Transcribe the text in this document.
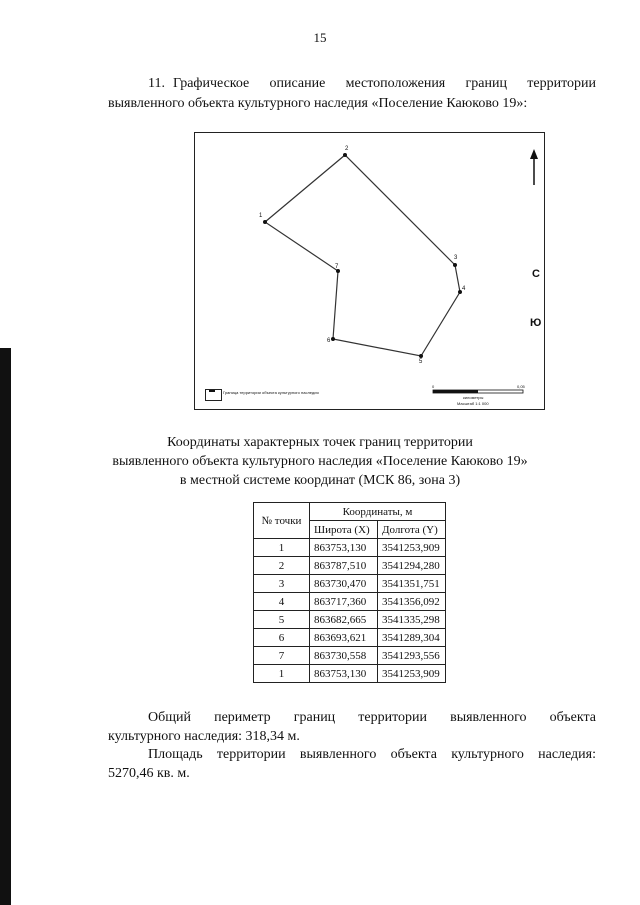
15
11. Графическое описание местоположения границ территории
выявленного объекта культурного наследия «Поселение Каюково 19»:
Граница территории объекта культурного наследия
С
Ю
1
2
3
4
5
6
7
0	0,05
километры
Масштаб 1:1 000
Координаты характерных точек границ территории
выявленного объекта культурного наследия «Поселение Каюково 19»
в местной системе координат (МСК 86, зона 3)
№ точки	Координаты, м	
	Широта (X)	Долгота (Y)
1	863753,130	3541253,909
2	863787,510	3541294,280
3	863730,470	3541351,751
4	863717,360	3541356,092
5	863682,665	3541335,298
6	863693,621	3541289,304
7	863730,558	3541293,556
1	863753,130	3541253,909
Общий периметр границ территории выявленного объекта
культурного наследия: 318,34 м.
Площадь территории выявленного объекта культурного наследия:
5270,46 кв. м.
